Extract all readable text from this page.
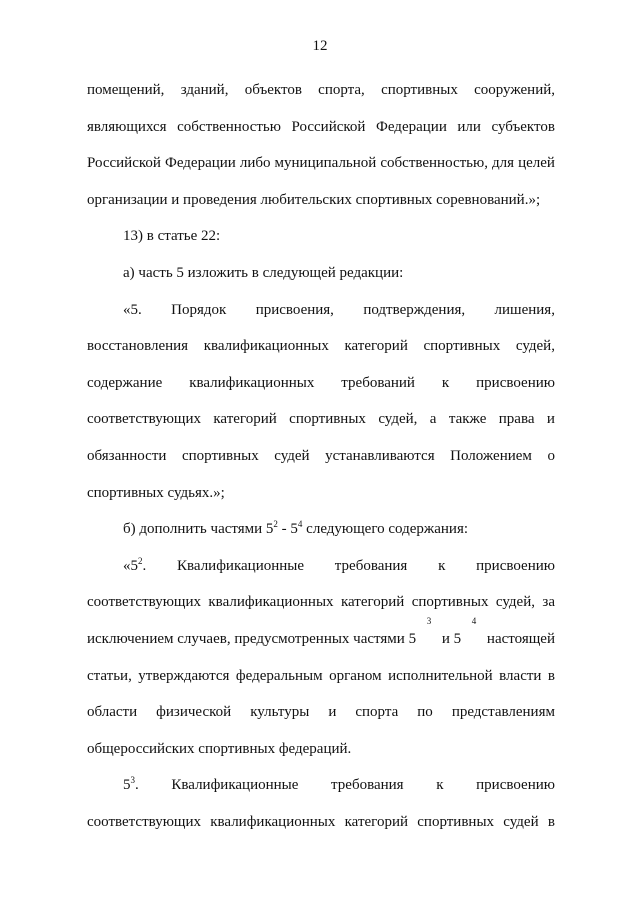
12
помещений, зданий, объектов спорта, спортивных сооружений,
являющихся собственностью Российской Федерации или субъектов
Российской Федерации либо муниципальной собственностью, для целей
организации и проведения любительских спортивных соревнований.»;
13) в статье 22:
а) часть 5 изложить в следующей редакции:
«5. Порядок присвоения, подтверждения, лишения,
восстановления квалификационных категорий спортивных судей,
содержание квалификационных требований к присвоению
соответствующих категорий спортивных судей, а также права и
обязанности спортивных судей устанавливаются Положением о
спортивных судьях.»;
б) дополнить частями $5^2 - 5^4$ следующего содержания:
«$5^2$. Квалификационные требования к присвоению
соответствующих квалификационных категорий спортивных судей, за
исключением случаев, предусмотренных частями 5
3
и 5
4
настоящей
статьи, утверждаются федеральным органом исполнительной власти в
области физической культуры и спорта по представлениям
общероссийских спортивных федераций.
$5^3$. Квалификационные требования к присвоению
соответствующих квалификационных категорий спортивных судей в
